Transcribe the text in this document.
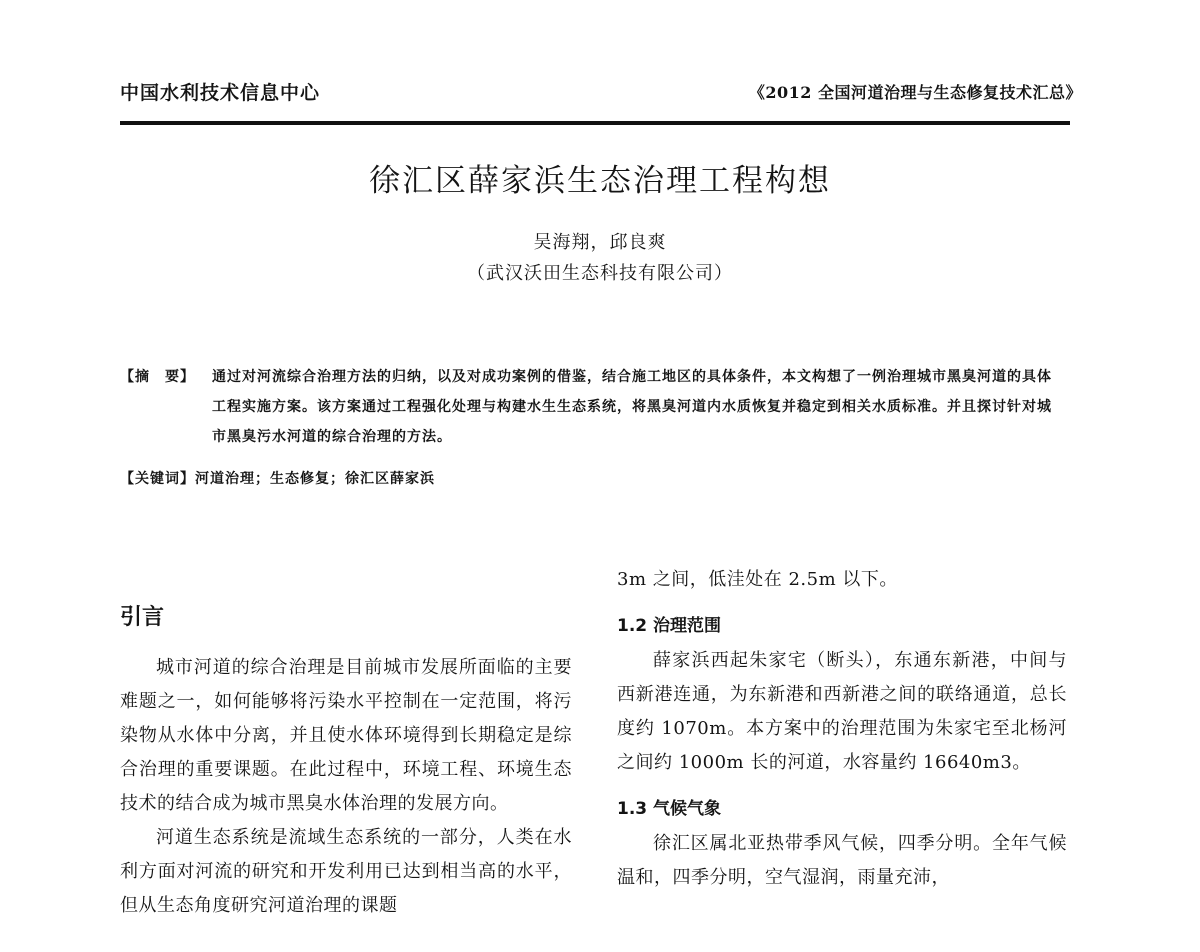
中国水利技术信息中心	《2012 全国河道治理与生态修复技术汇总》
徐汇区薛家浜生态治理工程构想
吴海翔，邱良爽
（武汉沃田生态科技有限公司）
【摘　要】 通过对河流综合治理方法的归纳，以及对成功案例的借鉴，结合施工地区的具体条件，本文构想了一例治理城市黑臭河道的具体工程实施方案。该方案通过工程强化处理与构建水生生态系统，将黑臭河道内水质恢复并稳定到相关水质标准。并且探讨针对城市黑臭污水河道的综合治理的方法。
【关键词】河道治理；生态修复；徐汇区薛家浜
引言

城市河道的综合治理是目前城市发展所面临的主要难题之一，如何能够将污染水平控制在一定范围，将污染物从水体中分离，并且使水体环境得到长期稳定是综合治理的重要课题。在此过程中，环境工程、环境生态技术的结合成为城市黑臭水体治理的发展方向。

河道生态系统是流域生态系统的一部分，人类在水利方面对河流的研究和开发利用已达到相当高的水平，但从生态角度研究河道治理的课题

3m 之间，低洼处在 2.5m 以下。

1.2 治理范围

薛家浜西起朱家宅（断头），东通东新港，中间与西新港连通，为东新港和西新港之间的联络通道，总长度约 1070m。本方案中的治理范围为朱家宅至北杨河之间约 1000m 长的河道，水容量约 16640m3。

1.3 气候气象

徐汇区属北亚热带季风气候，四季分明。全年气候温和，四季分明，空气湿润，雨量充沛，
